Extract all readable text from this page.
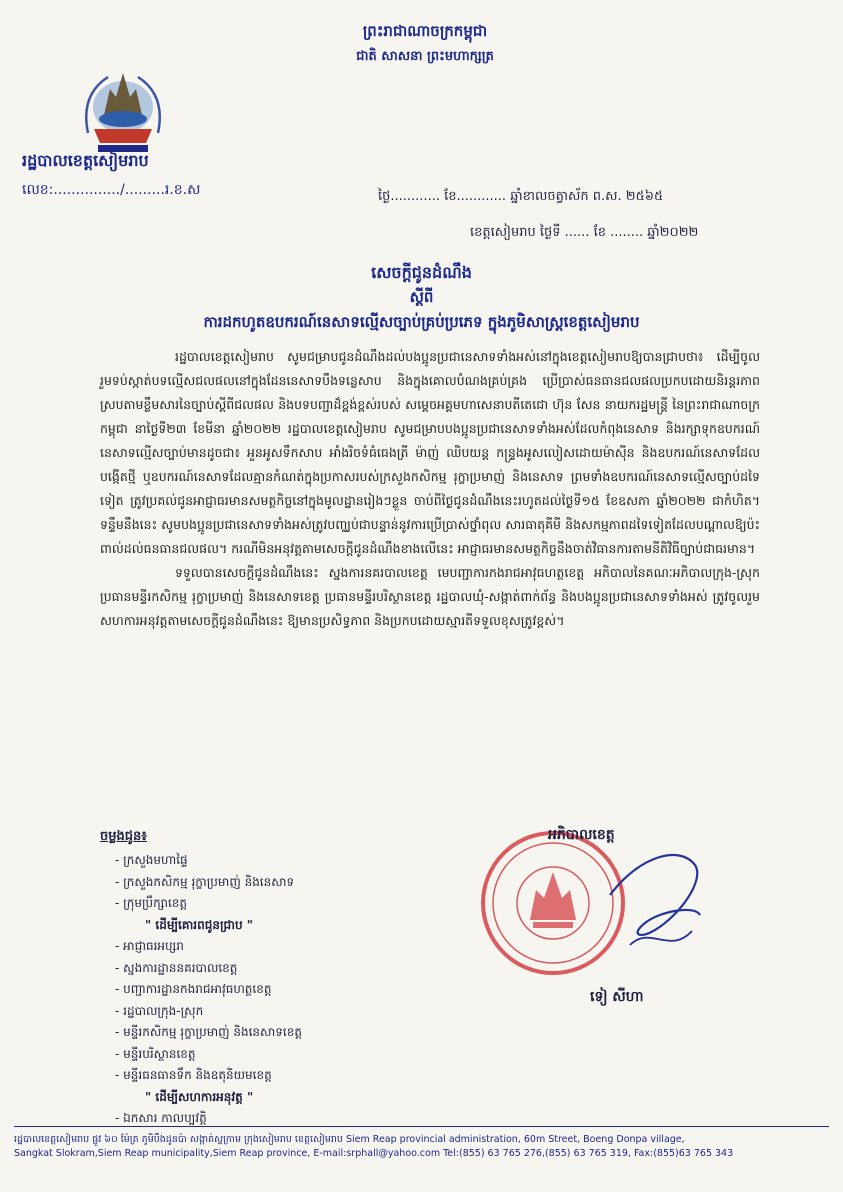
ព្រះរាជាណាចក្រកម្ពុជា
ជាតិ សាសនា ព្រះមហាក្សត្រ
រដ្ឋបាលខេត្តសៀមរាប
លេខ:.............../.........រ.ខ.ស	ថ្ងៃ............ ខែ............ ឆ្នាំខាលចត្វាស័ក ព.ស. ២៥៦៥
ខេត្តសៀមរាប ថ្ងៃទី ...... ខែ ........ ឆ្នាំ២០២២
សេចក្ដីជូនដំណឹង
ស្ដីពី
ការដកហូតឧបករណ៍នេសាទល្មើសច្បាប់គ្រប់ប្រភេទ ក្នុងភូមិសាស្ត្រខេត្តសៀមរាប

រដ្ឋបាលខេត្តសៀមរាប សូមជម្រាបជូនដំណឹងដល់បងប្អូនប្រជានេសាទទាំងអស់នៅក្នុងខេត្តសៀមរាបឱ្យបានជ្រាបថា៖ ដើម្បីចូលរួមទប់ស្កាត់បទល្មើសជលផលនៅក្នុងដែននេសាទបឹងទន្លេសាប និងក្នុងគោលបំណងគ្រប់គ្រង ប្រើប្រាស់ធនធានជលផលប្រកបដោយនិរន្តរភាព ស្របតាមខ្លឹមសារនៃច្បាប់ស្ដីពីជលផល និងបទបញ្ជាដ៏ខ្ពង់ខ្ពស់របស់ សម្ដេចអគ្គមហាសេនាបតីតេជោ ហ៊ុន សែន នាយករដ្ឋមន្ត្រី នៃព្រះរាជាណាចក្រកម្ពុជា នាថ្ងៃទី២៣ ខែមីនា ឆ្នាំ២០២២ រដ្ឋបាលខេត្តសៀមរាប សូមជម្រាបបងប្អូនប្រជានេសាទទាំងអស់ដែលកំពុងនេសាទ និងរក្សាទុកឧបករណ៍នេសាទល្មើសច្បាប់មានដូចជា៖ អួនអូសទឹកសាប អាំងរិចទំធំធេងត្រី ម៉ាញ់ ឈិបយន្ត កន្ទ្រងអូសលៀសដោយម៉ាស៊ីន និងឧបករណ៍នេសាទដែលបង្កើតថ្មី ឬឧបករណ៍នេសាទដែលគ្មានកំណត់ក្នុងប្រកាសរបស់ក្រសួងកសិកម្ម រុក្ខាប្រមាញ់ និងនេសាទ ព្រមទាំងឧបករណ៍នេសាទល្មើសច្បាប់ដទៃទៀត ត្រូវប្រគល់ជូនអាជ្ញាធរមានសមត្ថកិច្ចនៅក្នុងមូលដ្ឋានរៀងៗខ្លួន ចាប់ពីថ្ងៃជូនដំណឹងនេះរហូតដល់ថ្ងៃទី១៥ ខែឧសភា ឆ្នាំ២០២២ ជាកំហិត។ ទន្ទឹមនឹងនេះ សូមបងប្អូនប្រជានេសាទទាំងអស់ត្រូវបញ្ឈប់ជាបន្ទាន់នូវការប្រើប្រាស់ថ្នាំពុល សារធាតុគីមី និងសកម្មភាពដទៃទៀតដែលបណ្ដាលឱ្យប៉ះពាល់ដល់ធនធានជលផល។ ករណីមិនអនុវត្តតាមសេចក្ដីជូនដំណឹងខាងលើនេះ អាជ្ញាធរមានសមត្ថកិច្ចនឹងចាត់វិធានការតាមនីតិវិធីច្បាប់ជាធរមាន។

ទទួលបានសេចក្ដីជូនដំណឹងនេះ ស្នងការនគរបាលខេត្ត មេបញ្ជាការកងរាជអាវុធហត្ថខេត្ត អភិបាលនៃគណៈអភិបាលក្រុង-ស្រុក ប្រធានមន្ទីរកសិកម្ម រុក្ខាប្រមាញ់ និងនេសាទខេត្ត ប្រធានមន្ទីរបរិស្ថានខេត្ត រដ្ឋបាលឃុំ-សង្កាត់ពាក់ព័ន្ធ និងបងប្អូនប្រជានេសាទទាំងអស់ ត្រូវចូលរួមសហការអនុវត្តតាមសេចក្ដីជូនដំណឹងនេះ ឱ្យមានប្រសិទ្ធភាព និងប្រកបដោយស្មារតីទទួលខុសត្រូវខ្ពស់។

ចម្លងជូន៖
- ក្រសួងមហាផ្ទៃ
- ក្រសួងកសិកម្ម រុក្ខាប្រមាញ់ និងនេសាទ
- ក្រុមប្រឹក្សាខេត្ត
" ដើម្បីគោរពជូនជ្រាប "
- អាជ្ញាធរអប្សរា
- ស្នងការដ្ឋាននគរបាលខេត្ត
- បញ្ជាការដ្ឋានកងរាជអាវុធហត្ថខេត្ត
- រដ្ឋបាលក្រុង-ស្រុក
- មន្ទីរកសិកម្ម រុក្ខាប្រមាញ់ និងនេសាទខេត្ត
- មន្ទីរបរិស្ថានខេត្ត
- មន្ទីរធនធានទឹក និងឧតុនិយមខេត្ត
" ដើម្បីសហការអនុវត្ត "
- ឯកសារ កាលប្បវត្តិ
អភិបាលខេត្ត
ទៀ សីហា
រដ្ឋបាលខេត្តសៀមរាប ផ្លូវ ៦០ ម៉ែត្រ ភូមិបឹងដូនប៉ា សង្កាត់ស្លក្រាម ក្រុងសៀមរាប ខេត្តសៀមរាប Siem Reap provincial administration, 60m Street, Boeng Donpa village,
Sangkat Slokram,Siem Reap municipality,Siem Reap province, E-mail:srphall@yahoo.com Tel:(855) 63 765 276,(855) 63 765 319, Fax:(855)63 765 343
